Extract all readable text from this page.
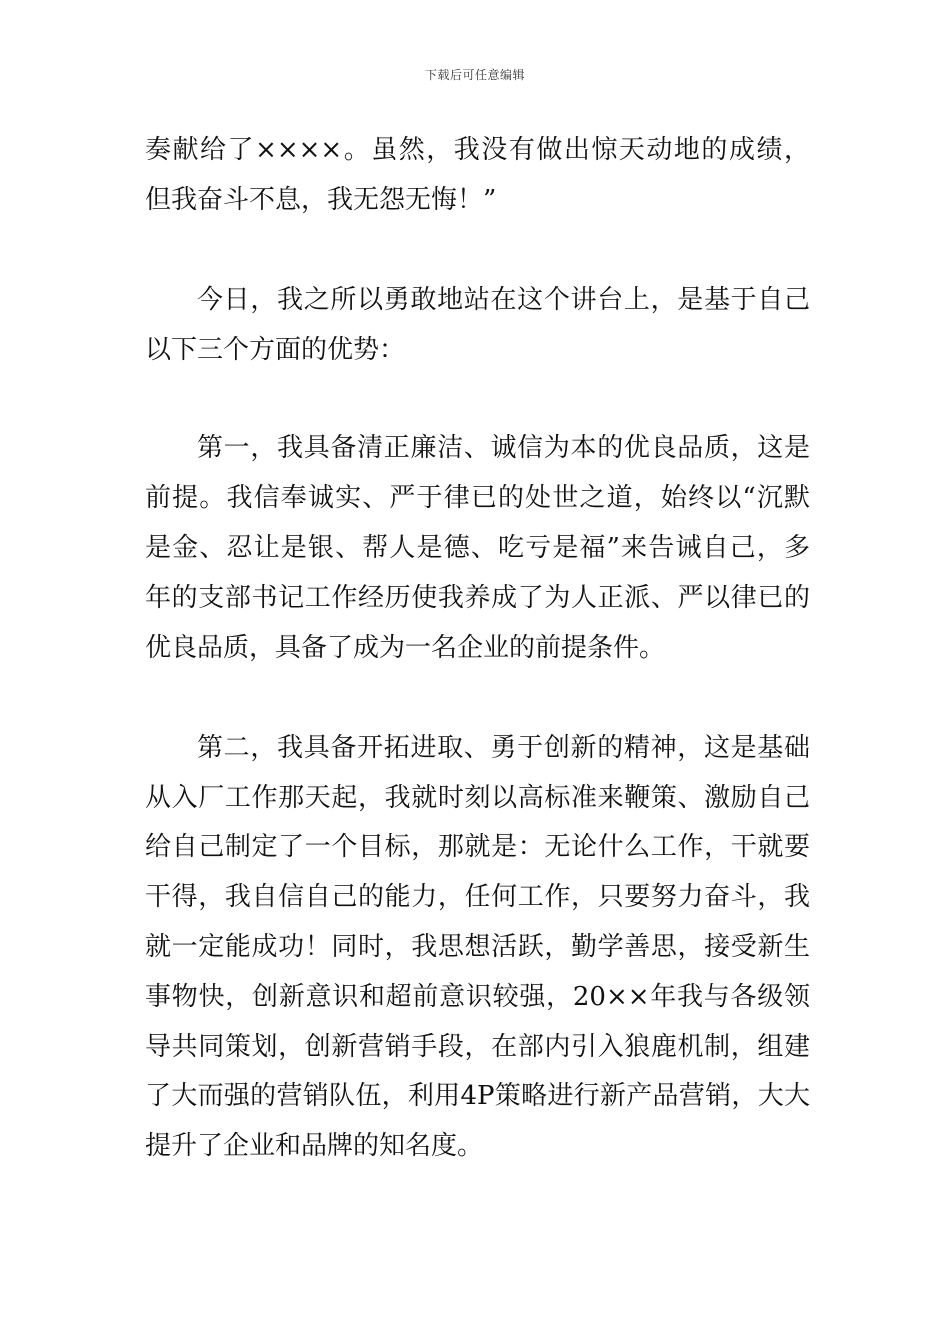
下载后可任意编辑
奏献给了××××。虽然，我没有做出惊天动地的成绩，
但我奋斗不息，我无怨无悔！”
今日，我之所以勇敢地站在这个讲台上，是基于自己
以下三个方面的优势：
第一，我具备清正廉洁、诚信为本的优良品质，这是
前提。我信奉诚实、严于律已的处世之道，始终以“沉默
是金、忍让是银、帮人是德、吃亏是福”来告诫自己，多
年的支部书记工作经历使我养成了为人正派、严以律已的
优良品质，具备了成为一名企业的前提条件。
第二，我具备开拓进取、勇于创新的精神，这是基础
从入厂工作那天起，我就时刻以高标准来鞭策、激励自己
给自己制定了一个目标，那就是：无论什么工作，干就要
干得，我自信自己的能力，任何工作，只要努力奋斗，我
就一定能成功！同时，我思想活跃，勤学善思，接受新生
事物快，创新意识和超前意识较强，20××年我与各级领
导共同策划，创新营销手段，在部内引入狼鹿机制，组建
了大而强的营销队伍，利用4P策略进行新产品营销，大大
提升了企业和品牌的知名度。
